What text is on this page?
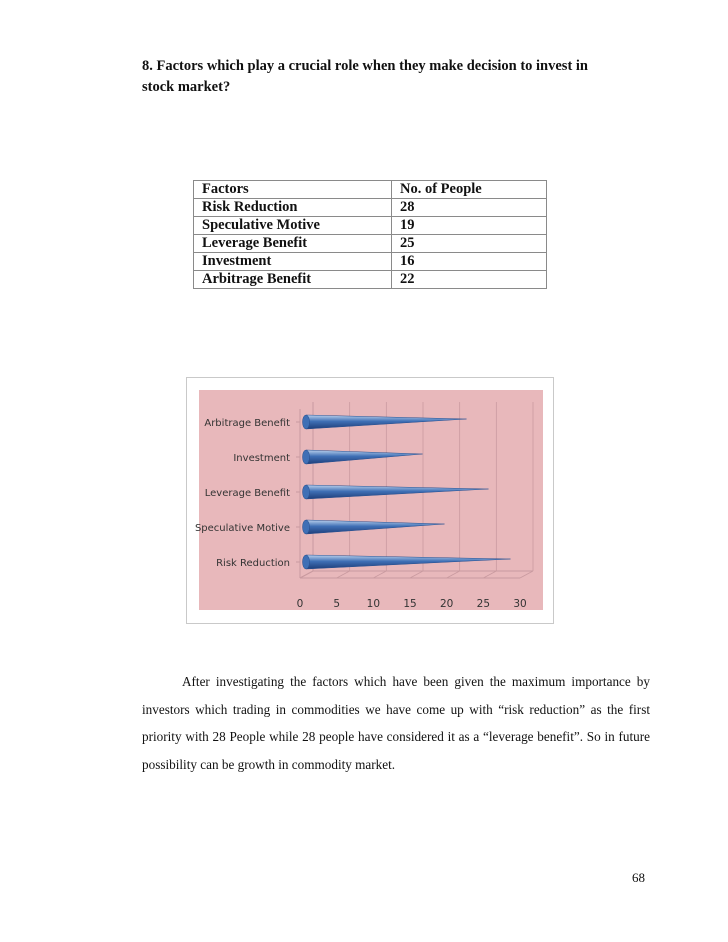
8. Factors which play a crucial role when they make decision to invest in
stock market?
Factors	No. of People
Risk Reduction	28
Speculative Motive	19
Leverage Benefit	25
Investment	16
Arbitrage Benefit	22
0	5	10 15 20 25 30
Arbitrage Benefit
Investment
Leverage Benefit
Speculative Motive
Risk Reduction
After investigating the factors which have been given the maximum importance by investors which trading in commodities we have come up with “risk reduction” as the first priority with 28 People while 28 people have considered it as a “leverage benefit”. So in future possibility can be growth in commodity market.
68
